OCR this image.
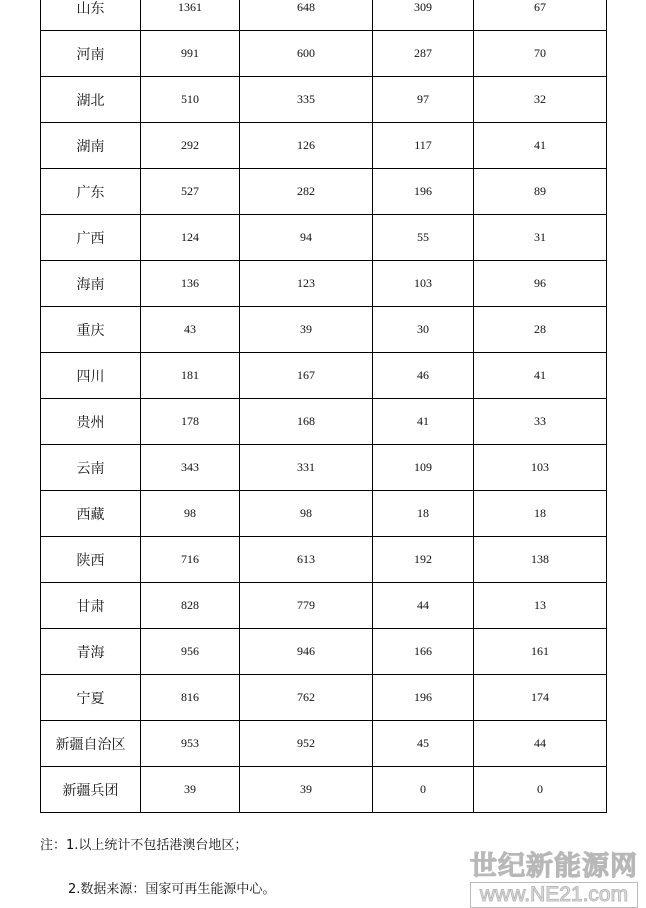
山东	1361	648	309	67
河南	991	600	287	70
湖北	510	335	97	32
湖南	292	126	117	41
广东	527	282	196	89
广西	124	94	55	31
海南	136	123	103	96
重庆	43	39	30	28
四川	181	167	46	41
贵州	178	168	41	33
云南	343	331	109	103
西藏	98	98	18	18
陕西	716	613	192	138
甘肃	828	779	44	13
青海	956	946	166	161
宁夏	816	762	196	174
新疆自治区	953	952	45	44
新疆兵团	39	39	0	0
注：1.以上统计不包括港澳台地区；
2.数据来源：国家可再生能源中心。
世纪新能源网
www.NE21.com
